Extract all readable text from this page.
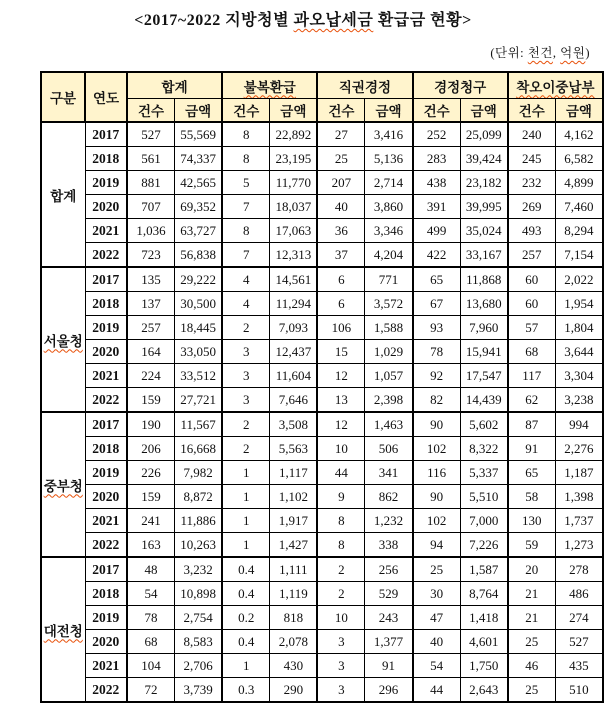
<2017~2022 지방청별 과오납세금 환급금 현황>
(단위: 천건, 억원)
구분	연도	합계		불복환급		직권경정		경정청구		착오이중납부	
		건수	금액	건수	금액	건수	금액	건수	금액	건수	금액
합계	2017	527	55,569	8	22,892	27	3,416	252	25,099	240	4,162
	2018	561	74,337	8	23,195	25	5,136	283	39,424	245	6,582
	2019	881	42,565	5	11,770	207	2,714	438	23,182	232	4,899
	2020	707	69,352	7	18,037	40	3,860	391	39,995	269	7,460
	2021	1,036	63,727	8	17,063	36	3,346	499	35,024	493	8,294
	2022	723	56,838	7	12,313	37	4,204	422	33,167	257	7,154
서울청	2017	135	29,222	4	14,561	6	771	65	11,868	60	2,022
	2018	137	30,500	4	11,294	6	3,572	67	13,680	60	1,954
	2019	257	18,445	2	7,093	106	1,588	93	7,960	57	1,804
	2020	164	33,050	3	12,437	15	1,029	78	15,941	68	3,644
	2021	224	33,512	3	11,604	12	1,057	92	17,547	117	3,304
	2022	159	27,721	3	7,646	13	2,398	82	14,439	62	3,238
중부청	2017	190	11,567	2	3,508	12	1,463	90	5,602	87	994
	2018	206	16,668	2	5,563	10	506	102	8,322	91	2,276
	2019	226	7,982	1	1,117	44	341	116	5,337	65	1,187
	2020	159	8,872	1	1,102	9	862	90	5,510	58	1,398
	2021	241	11,886	1	1,917	8	1,232	102	7,000	130	1,737
	2022	163	10,263	1	1,427	8	338	94	7,226	59	1,273
대전청	2017	48	3,232	0.4	1,111	2	256	25	1,587	20	278
	2018	54	10,898	0.4	1,119	2	529	30	8,764	21	486
	2019	78	2,754	0.2	818	10	243	47	1,418	21	274
	2020	68	8,583	0.4	2,078	3	1,377	40	4,601	25	527
	2021	104	2,706	1	430	3	91	54	1,750	46	435
	2022	72	3,739	0.3	290	3	296	44	2,643	25	510
